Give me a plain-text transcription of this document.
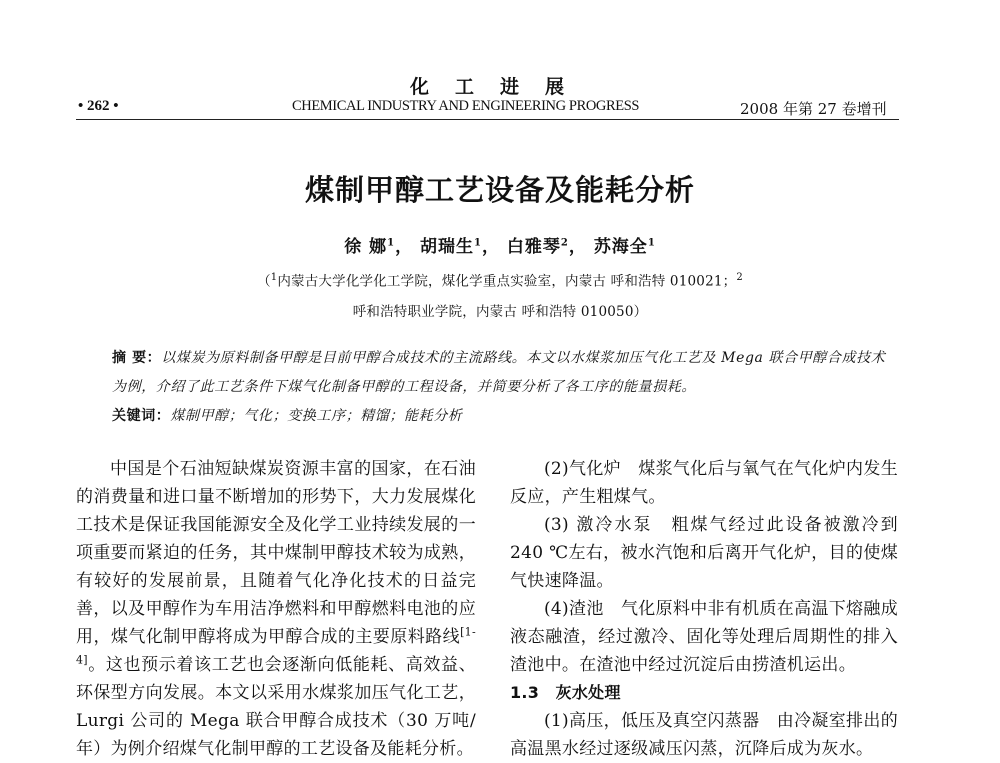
化工进展
• 262 •	CHEMICAL INDUSTRY AND ENGINEERING PROGRESS	2008 年第 27 卷增刊
煤制甲醇工艺设备及能耗分析
徐 娜$^1$， 胡瑞生$^1$， 白雅琴$^2$， 苏海全$^1$
（$^1$内蒙古大学化学化工学院，煤化学重点实验室，内蒙古 呼和浩特 010021；$^2$呼和浩特职业学院，内蒙古 呼和浩特 010050）
摘 要：以煤炭为原料制备甲醇是目前甲醇合成技术的主流路线。本文以水煤浆加压气化工艺及 Mega 联合甲醇合成技术为例，介绍了此工艺条件下煤气化制备甲醇的工程设备，并简要分析了各工序的能量损耗。
关键词：煤制甲醇；气化；变换工序；精馏；能耗分析

中国是个石油短缺煤炭资源丰富的国家，在石油的消费量和进口量不断增加的形势下，大力发展煤化工技术是保证我国能源安全及化学工业持续发展的一项重要而紧迫的任务，其中煤制甲醇技术较为成熟，有较好的发展前景，且随着气化净化技术的日益完善，以及甲醇作为车用洁净燃料和甲醇燃料电池的应用，煤气化制甲醇将成为甲醇合成的主要原料路线[1-4]。这也预示着该工艺也会逐渐向低能耗、高效益、环保型方向发展。本文以采用水煤浆加压气化工艺，Lurgi 公司的 Mega 联合甲醇合成技术（30 万吨/年）为例介绍煤气化制甲醇的工艺设备及能耗分析。

(2)气化炉　煤浆气化后与氧气在气化炉内发生反应，产生粗煤气。

(3) 激冷水泵　粗煤气经过此设备被激冷到 240 ℃左右，被水汽饱和后离开气化炉，目的使煤气快速降温。

(4)渣池　气化原料中非有机质在高温下熔融成液态融渣，经过激冷、固化等处理后周期性的排入渣池中。在渣池中经过沉淀后由捞渣机运出。

1.3　灰水处理

(1)高压，低压及真空闪蒸器　由冷凝室排出的高温黑水经过逐级减压闪蒸，沉降后成为灰水。
